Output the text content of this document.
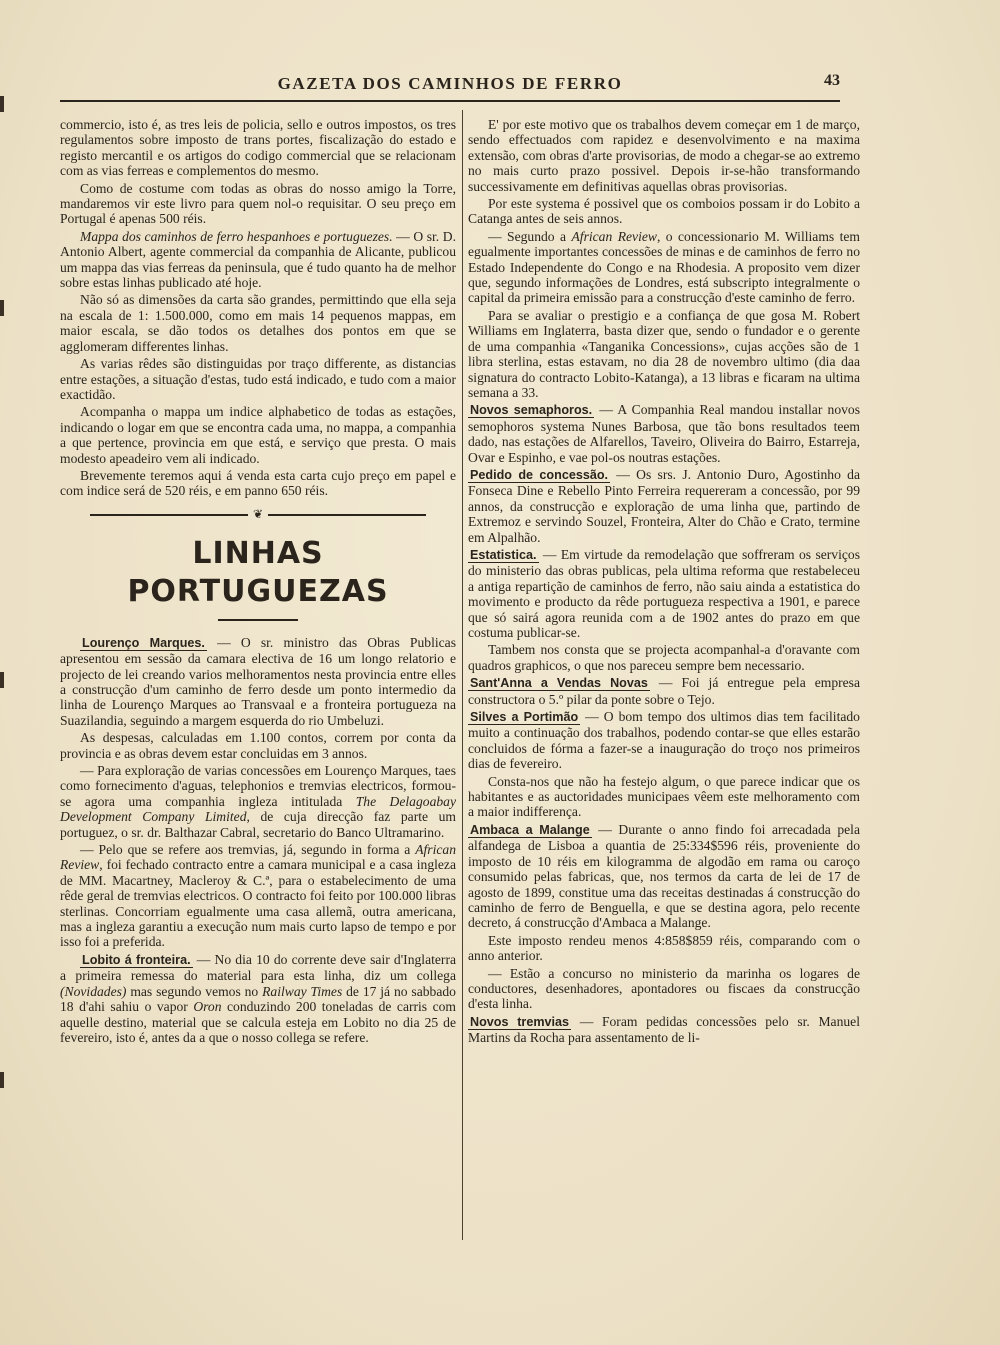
GAZETA DOS CAMINHOS DE FERRO	43

commercio, isto é, as tres leis de policia, sello e outros impostos, os tres regulamentos sobre imposto de trans portes, fiscalização do estado e registo mercantil e os artigos do codigo commercial que se relacionam com as vias ferreas e complementos do mesmo.

Como de costume com todas as obras do nosso amigo la Torre, mandaremos vir este livro para quem nol-o requisitar. O seu preço em Portugal é apenas 500 réis.

Mappa dos caminhos de ferro hespanhoes e portuguezes. — O sr. D. Antonio Albert, agente commercial da companhia de Alicante, publicou um mappa das vias ferreas da peninsula, que é tudo quanto ha de melhor sobre estas linhas publicado até hoje.

Não só as dimensões da carta são grandes, permittindo que ella seja na escala de 1: 1.500.000, como em mais 14 pequenos mappas, em maior escala, se dão todos os detalhes dos pontos em que se agglomeram differentes linhas.

As varias rêdes são distinguidas por traço differente, as distancias entre estações, a situação d'estas, tudo está indicado, e tudo com a maior exactidão.

Acompanha o mappa um indice alphabetico de todas as estações, indicando o logar em que se encontra cada uma, no mappa, a companhia a que pertence, provincia em que está, e serviço que presta. O mais modesto apeadeiro vem ali indicado.

Brevemente teremos aqui á venda esta carta cujo preço em papel e com indice será de 520 réis, e em panno 650 réis.

❦
LINHAS PORTUGUEZAS

Lourenço Marques. — O sr. ministro das Obras Publicas apresentou em sessão da camara electiva de 16 um longo relatorio e projecto de lei creando varios melhoramentos nesta provincia entre elles a construcção d'um caminho de ferro desde um ponto intermedio da linha de Lourenço Marques ao Transvaal e a fronteira portugueza na Suazilandia, seguindo a margem esquerda do rio Umbeluzi.

As despesas, calculadas em 1.100 contos, correm por conta da provincia e as obras devem estar concluidas em 3 annos.

— Para exploração de varias concessões em Lourenço Marques, taes como fornecimento d'aguas, telephonios e tremvias electricos, formou-se agora uma companhia ingleza intitulada The Delagoabay Development Company Limited, de cuja direcção faz parte um portuguez, o sr. dr. Balthazar Cabral, secretario do Banco Ultramarino.

— Pelo que se refere aos tremvias, já, segundo in forma a African Review, foi fechado contracto entre a camara municipal e a casa ingleza de MM. Macartney, Macleroy & C.ª, para o estabelecimento de uma rêde geral de tremvias electricos. O contracto foi feito por 100.000 libras sterlinas. Concorriam egualmente uma casa allemã, outra americana, mas a ingleza garantiu a execução num mais curto lapso de tempo e por isso foi a preferida.

Lobito á fronteira. — No dia 10 do corrente deve sair d'Inglaterra a primeira remessa do material para esta linha, diz um collega (Novidades) mas segundo vemos no Railway Times de 17 já no sabbado 18 d'ahi sahiu o vapor Oron conduzindo 200 toneladas de carris com aquelle destino, material que se calcula esteja em Lobito no dia 25 de fevereiro, isto é, antes da a que o nosso collega se refere.

E' por este motivo que os trabalhos devem começar em 1 de março, sendo effectuados com rapidez e desenvolvimento e na maxima extensão, com obras d'arte provisorias, de modo a chegar-se ao extremo no mais curto prazo possivel. Depois ir-se-hão transformando successivamente em definitivas aquellas obras provisorias.

Por este systema é possivel que os comboios possam ir do Lobito a Catanga antes de seis annos.

— Segundo a African Review, o concessionario M. Williams tem egualmente importantes concessões de minas e de caminhos de ferro no Estado Independente do Congo e na Rhodesia. A proposito vem dizer que, segundo informações de Londres, está subscripto integralmente o capital da primeira emissão para a construcção d'este caminho de ferro.

Para se avaliar o prestigio e a confiança de que gosa M. Robert Williams em Inglaterra, basta dizer que, sendo o fundador e o gerente de uma companhia «Tanganika Concessions», cujas acções são de 1 libra sterlina, estas estavam, no dia 28 de novembro ultimo (dia daa signatura do contracto Lobito-Katanga), a 13 libras e ficaram na ultima semana a 33.

Novos semaphoros. — A Companhia Real mandou installar novos semophoros systema Nunes Barbosa, que tão bons resultados teem dado, nas estações de Alfarellos, Taveiro, Oliveira do Bairro, Estarreja, Ovar e Espinho, e vae pol-os noutras estações.

Pedido de concessão. — Os srs. J. Antonio Duro, Agostinho da Fonseca Dine e Rebello Pinto Ferreira requereram a concessão, por 99 annos, da construcção e exploração de uma linha que, partindo de Extremoz e servindo Souzel, Fronteira, Alter do Chão e Crato, termine em Alpalhão.

Estatistica. — Em virtude da remodelação que soffreram os serviços do ministerio das obras publicas, pela ultima reforma que restabeleceu a antiga repartição de caminhos de ferro, não saiu ainda a estatistica do movimento e producto da rêde portugueza respectiva a 1901, e parece que só sairá agora reunida com a de 1902 antes do prazo em que costuma publicar-se.

Tambem nos consta que se projecta acompanhal-a d'oravante com quadros graphicos, o que nos pareceu sempre bem necessario.

Sant'Anna a Vendas Novas — Foi já entregue pela empresa constructora o 5.º pilar da ponte sobre o Tejo.

Silves a Portimão — O bom tempo dos ultimos dias tem facilitado muito a continuação dos trabalhos, podendo contar-se que elles estarão concluidos de fórma a fazer-se a inauguração do troço nos primeiros dias de fevereiro.

Consta-nos que não ha festejo algum, o que parece indicar que os habitantes e as auctoridades municipaes vêem este melhoramento com a maior indifferença.

Ambaca a Malange — Durante o anno findo foi arrecadada pela alfandega de Lisboa a quantia de 25:334$596 réis, proveniente do imposto de 10 réis em kilogramma de algodão em rama ou caroço consumido pelas fabricas, que, nos termos da carta de lei de 17 de agosto de 1899, constitue uma das receitas destinadas á construcção do caminho de ferro de Benguella, e que se destina agora, pelo recente decreto, á construcção d'Ambaca a Malange.

Este imposto rendeu menos 4:858$859 réis, comparando com o anno anterior.

— Estão a concurso no ministerio da marinha os logares de conductores, desenhadores, apontadores ou fiscaes da construcção d'esta linha.

Novos tremvias — Foram pedidas concessões pelo sr. Manuel Martins da Rocha para assentamento de li-
